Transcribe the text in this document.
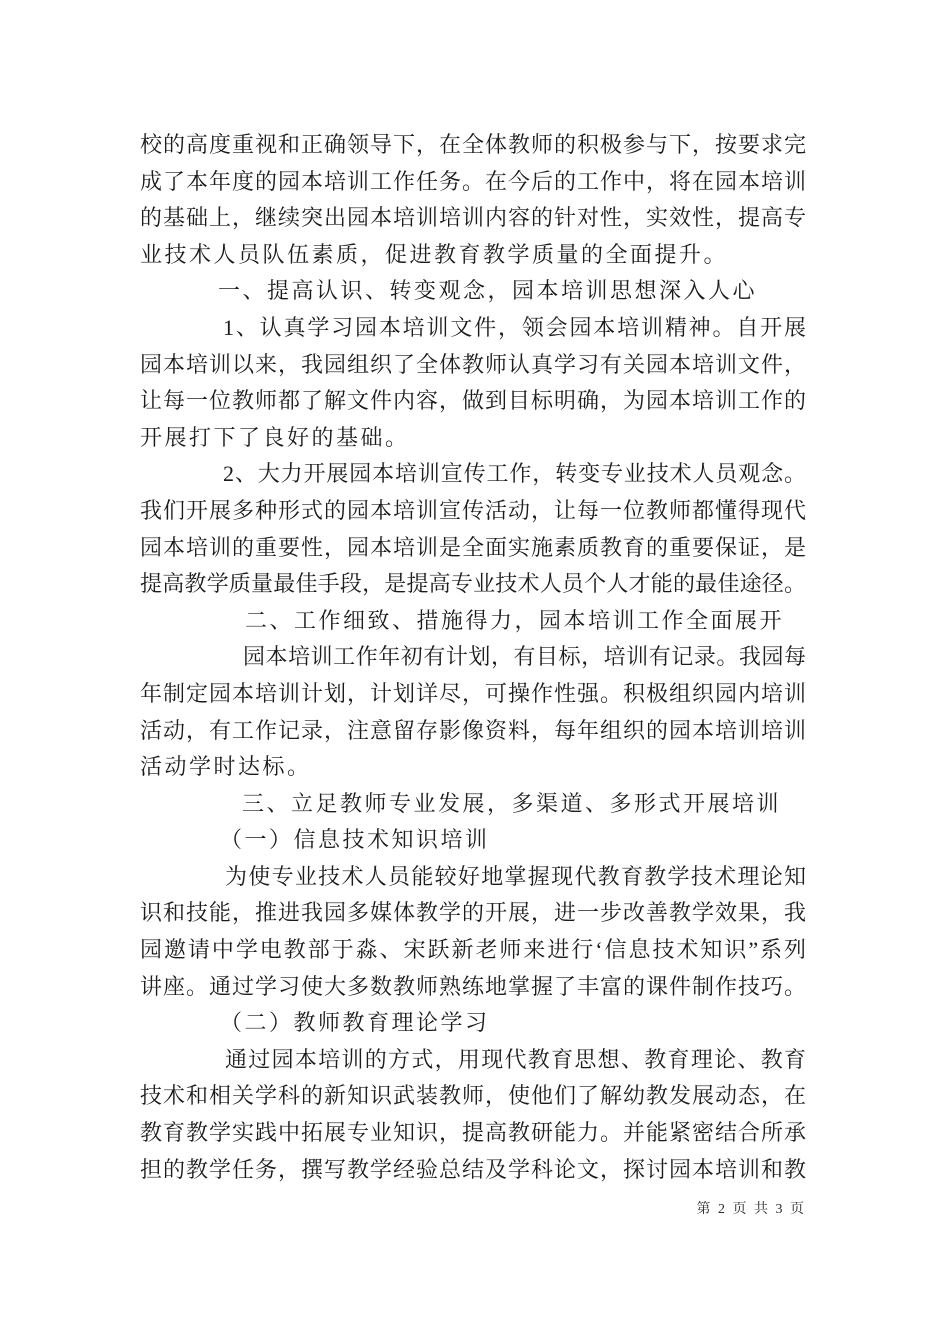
校的高度重视和正确领导下，在全体教师的积极参与下，按要求完
成了本年度的园本培训工作任务。在今后的工作中，将在园本培训
的基础上，继续突出园本培训培训内容的针对性，实效性，提高专
业技术人员队伍素质，促进教育教学质量的全面提升。
一、提高认识、转变观念，园本培训思想深入人心
1、认真学习园本培训文件，领会园本培训精神。自开展
园本培训以来，我园组织了全体教师认真学习有关园本培训文件，
让每一位教师都了解文件内容，做到目标明确，为园本培训工作的
开展打下了良好的基础。
2、大力开展园本培训宣传工作，转变专业技术人员观念。
我们开展多种形式的园本培训宣传活动，让每一位教师都懂得现代
园本培训的重要性，园本培训是全面实施素质教育的重要保证，是
提高教学质量最佳手段，是提高专业技术人员个人才能的最佳途径。
二、工作细致、措施得力，园本培训工作全面展开
园本培训工作年初有计划，有目标，培训有记录。我园每
年制定园本培训计划，计划详尽，可操作性强。积极组织园内培训
活动，有工作记录，注意留存影像资料，每年组织的园本培训培训
活动学时达标。
三、立足教师专业发展，多渠道、多形式开展培训
（一）信息技术知识培训
为使专业技术人员能较好地掌握现代教育教学技术理论知
识和技能，推进我园多媒体教学的开展，进一步改善教学效果，我
园邀请中学电教部于淼、宋跃新老师来进行‘信息技术知识”系列
讲座。通过学习使大多数教师熟练地掌握了丰富的课件制作技巧。
（二）教师教育理论学习
通过园本培训的方式，用现代教育思想、教育理论、教育
技术和相关学科的新知识武装教师，使他们了解幼教发展动态，在
教育教学实践中拓展专业知识，提高教研能力。并能紧密结合所承
担的教学任务，撰写教学经验总结及学科论文，探讨园本培训和教
第 2 页 共 3 页
